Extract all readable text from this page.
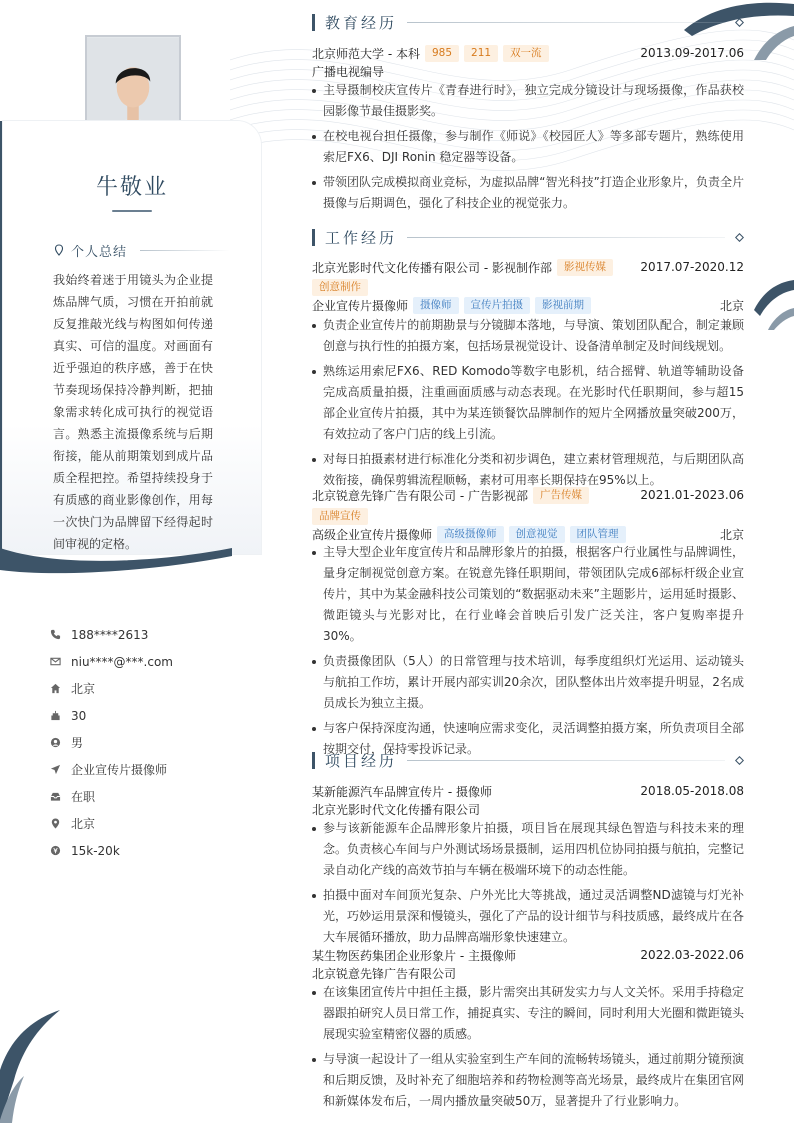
牛敬业
个人总结
我始终着迷于用镜头为企业提炼品牌气质，习惯在开拍前就反复推敲光线与构图如何传递真实、可信的温度。对画面有近乎强迫的秩序感，善于在快节奏现场保持冷静判断，把抽象需求转化成可执行的视觉语言。熟悉主流摄像系统与后期衔接，能从前期策划到成片品质全程把控。希望持续投身于有质感的商业影像创作，用每一次快门为品牌留下经得起时间审视的定格。
188****2613
niu****@***.com
北京
30
男
企业宣传片摄像师
在职
北京
15k-20k
教育经历
北京师范大学 - 本科	985	211	双一流	2013.09-2017.06
广播电视编导
主导摄制校庆宣传片《青春进行时》，独立完成分镜设计与现场摄像，作品获校园影像节最佳摄影奖。
在校电视台担任摄像，参与制作《师说》《校园匠人》等多部专题片，熟练使用索尼FX6、DJI Ronin 稳定器等设备。
带领团队完成模拟商业竞标，为虚拟品牌“智光科技”打造企业形象片，负责全片摄像与后期调色，强化了科技企业的视觉张力。
工作经历
北京光影时代文化传播有限公司 - 影视制作部	影视传媒	2017.07-2020.12
创意制作
企业宣传片摄像师	摄像师	宣传片拍摄	影视前期	北京
负责企业宣传片的前期勘景与分镜脚本落地，与导演、策划团队配合，制定兼顾创意与执行性的拍摄方案，包括场景视觉设计、设备清单制定及时间线规划。
熟练运用索尼FX6、RED Komodo等数字电影机，结合摇臂、轨道等辅助设备完成高质量拍摄，注重画面质感与动态表现。在光影时代任职期间，参与超15部企业宣传片拍摄，其中为某连锁餐饮品牌制作的短片全网播放量突破200万，有效拉动了客户门店的线上引流。
对每日拍摄素材进行标准化分类和初步调色，建立素材管理规范，与后期团队高效衔接，确保剪辑流程顺畅，素材可用率长期保持在95%以上。
北京锐意先锋广告有限公司 - 广告影视部	广告传媒	2021.01-2023.06
品牌宣传
高级企业宣传片摄像师	高级摄像师	创意视觉	团队管理	北京
主导大型企业年度宣传片和品牌形象片的拍摄，根据客户行业属性与品牌调性，量身定制视觉创意方案。在锐意先锋任职期间，带领团队完成6部标杆级企业宣传片，其中为某金融科技公司策划的“数据驱动未来”主题影片，运用延时摄影、微距镜头与光影对比，在行业峰会首映后引发广泛关注，客户复购率提升30%。
负责摄像团队（5人）的日常管理与技术培训，每季度组织灯光运用、运动镜头与航拍工作坊，累计开展内部实训20余次，团队整体出片效率提升明显，2名成员成长为独立主摄。
与客户保持深度沟通，快速响应需求变化，灵活调整拍摄方案，所负责项目全部按期交付，保持零投诉记录。
项目经历
某新能源汽车品牌宣传片 - 摄像师	2018.05-2018.08
北京光影时代文化传播有限公司
参与该新能源车企品牌形象片拍摄，项目旨在展现其绿色智造与科技未来的理念。负责核心车间与户外测试场场景摄制，运用四机位协同拍摄与航拍，完整记录自动化产线的高效节拍与车辆在极端环境下的动态性能。
拍摄中面对车间顶光复杂、户外光比大等挑战，通过灵活调整ND滤镜与灯光补光，巧妙运用景深和慢镜头，强化了产品的设计细节与科技质感，最终成片在各大车展循环播放，助力品牌高端形象快速建立。
某生物医药集团企业形象片 - 主摄像师	2022.03-2022.06
北京锐意先锋广告有限公司
在该集团宣传片中担任主摄，影片需突出其研发实力与人文关怀。采用手持稳定器跟拍研究人员日常工作，捕捉真实、专注的瞬间，同时利用大光圈和微距镜头展现实验室精密仪器的质感。
与导演一起设计了一组从实验室到生产车间的流畅转场镜头，通过前期分镜预演和后期反馈，及时补充了细胞培养和药物检测等高光场景，最终成片在集团官网和新媒体发布后，一周内播放量突破50万，显著提升了行业影响力。
